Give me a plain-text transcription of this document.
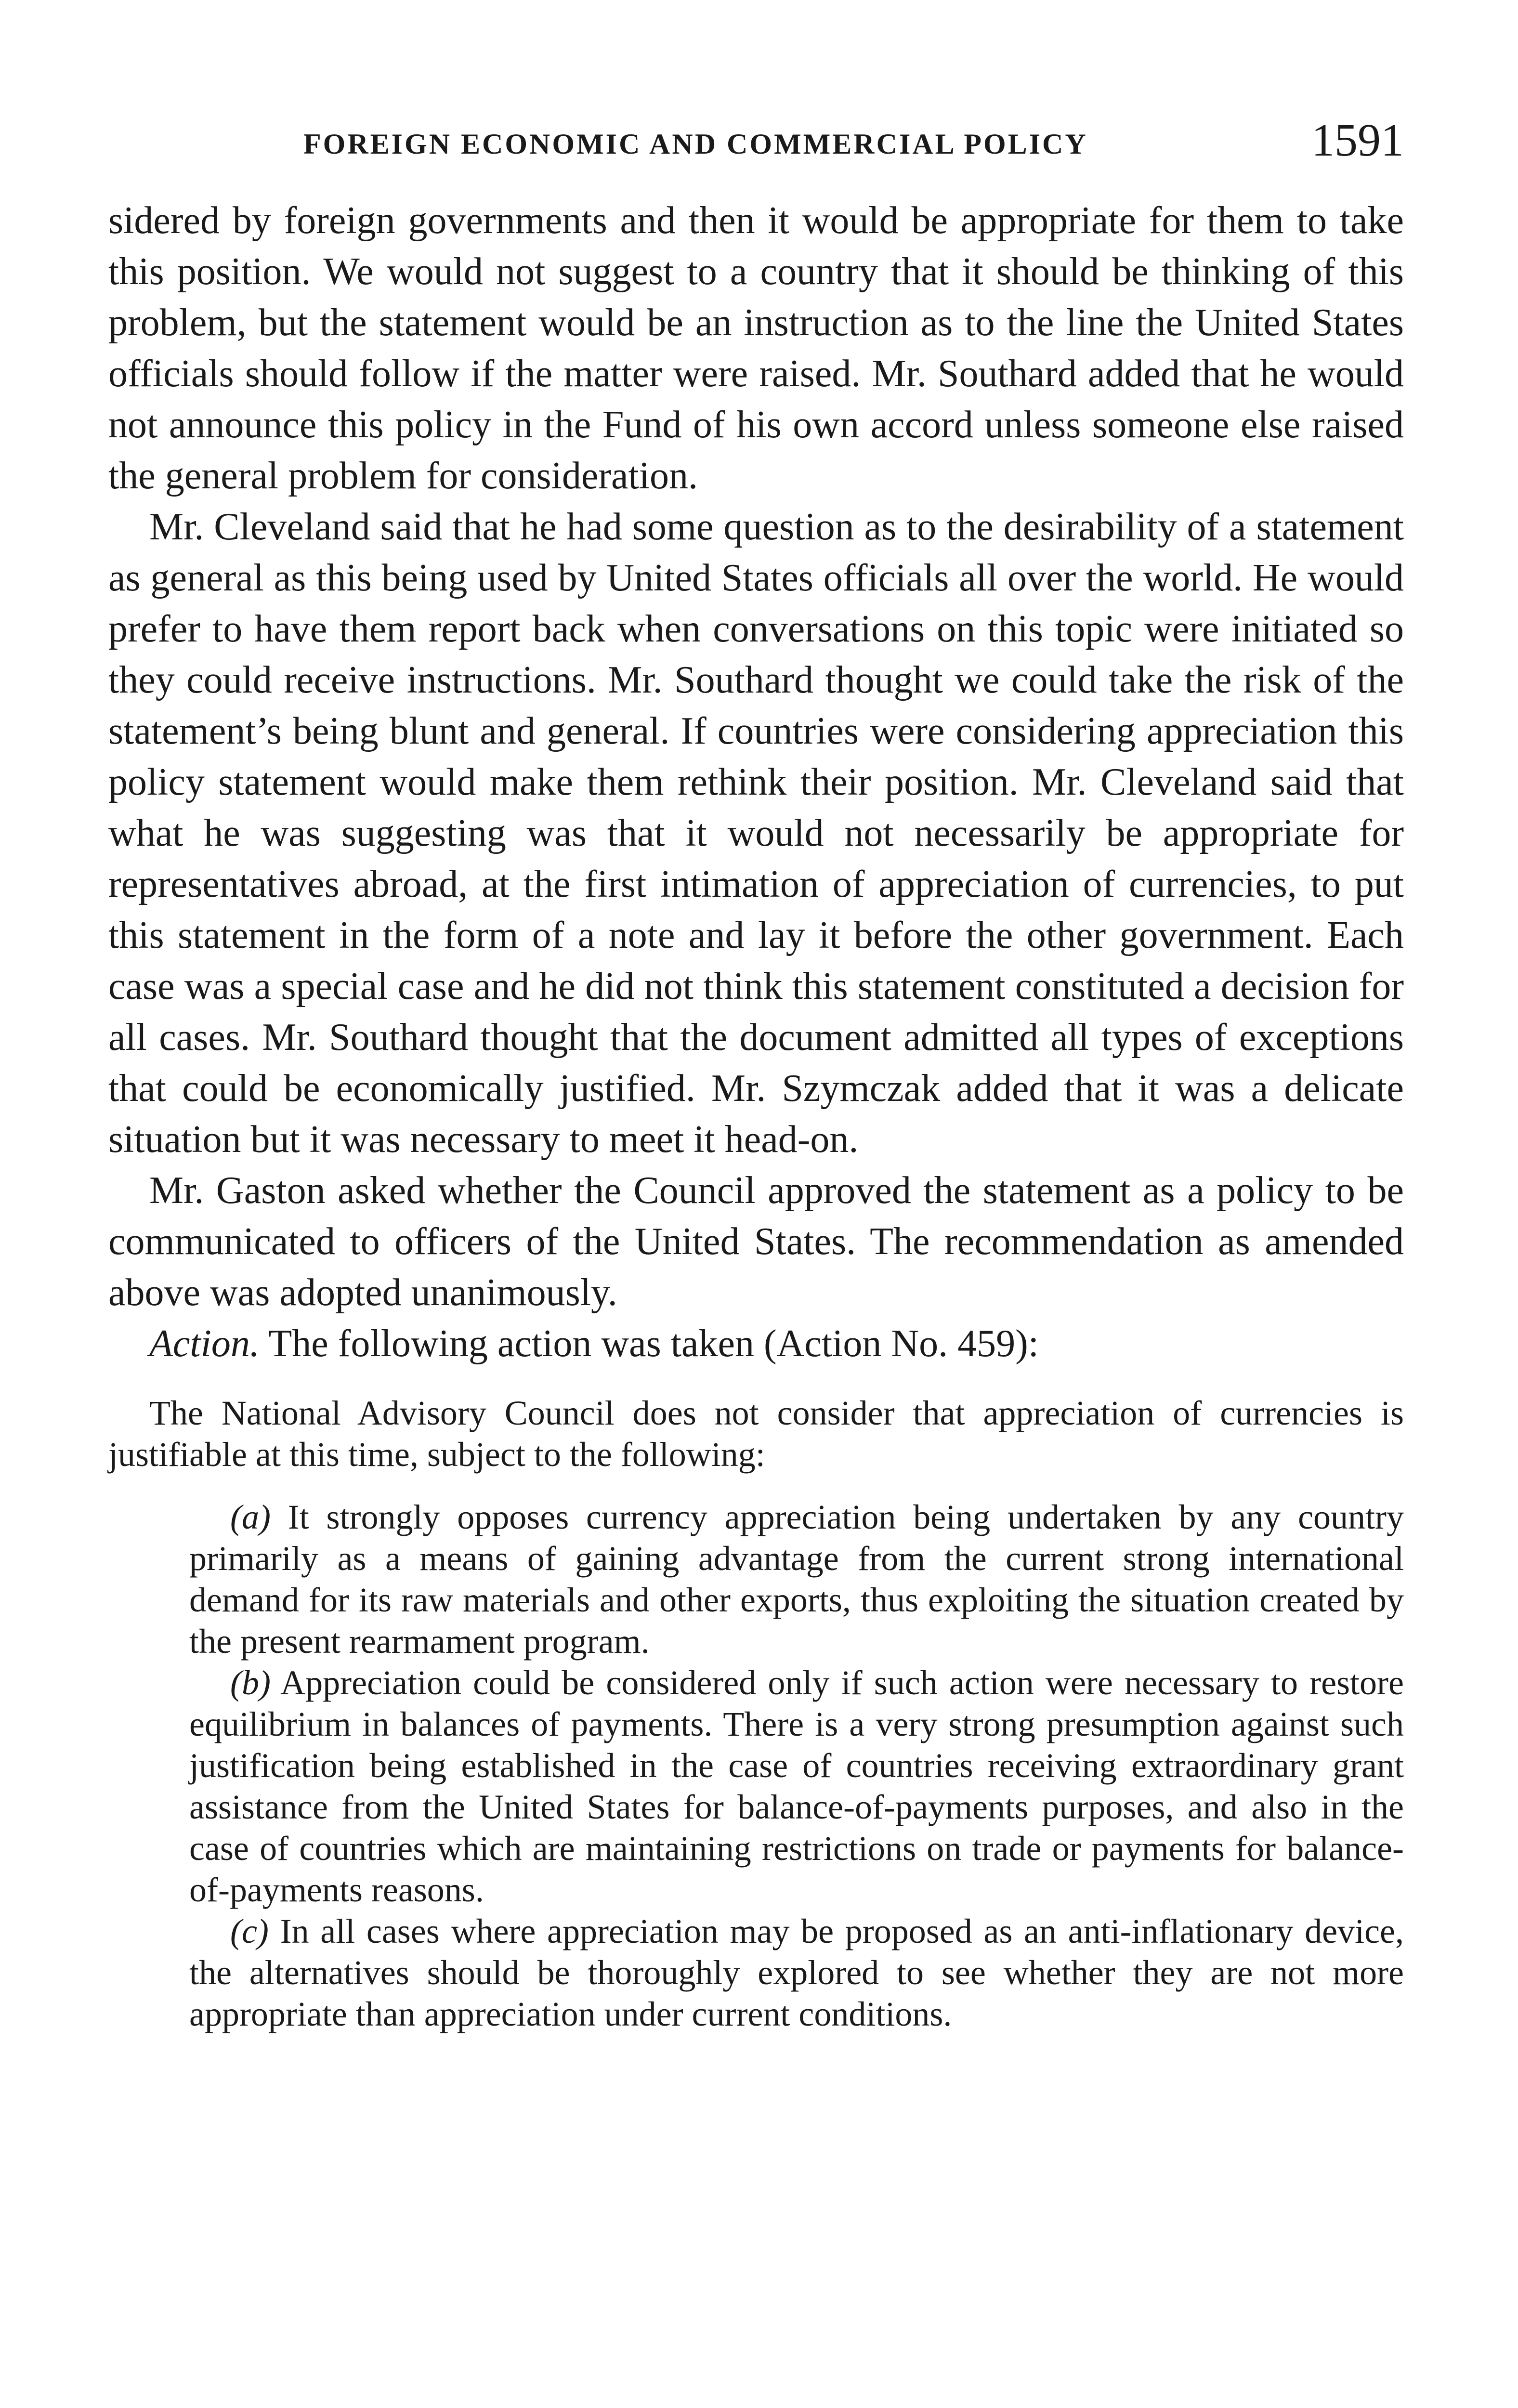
FOREIGN ECONOMIC AND COMMERCIAL POLICY	1591

sidered by foreign governments and then it would be appropriate for them to take this position. We would not suggest to a country that it should be thinking of this problem, but the statement would be an instruction as to the line the United States officials should follow if the matter were raised. Mr. Southard added that he would not announce this policy in the Fund of his own accord unless someone else raised the general problem for consideration.

Mr. Cleveland said that he had some question as to the desirability of a statement as general as this being used by United States officials all over the world. He would prefer to have them report back when conversations on this topic were initiated so they could receive instructions. Mr. Southard thought we could take the risk of the statement’s being blunt and general. If countries were considering appreciation this policy statement would make them rethink their position. Mr. Cleveland said that what he was suggesting was that it would not necessarily be appropriate for representatives abroad, at the first intimation of appreciation of currencies, to put this statement in the form of a note and lay it before the other government. Each case was a special case and he did not think this statement constituted a decision for all cases. Mr. Southard thought that the document admitted all types of exceptions that could be economically justified. Mr. Szymczak added that it was a delicate situation but it was necessary to meet it head-on.

Mr. Gaston asked whether the Council approved the statement as a policy to be communicated to officers of the United States. The recommendation as amended above was adopted unanimously.

Action. The following action was taken (Action No. 459):

The National Advisory Council does not consider that appreciation of currencies is justifiable at this time, subject to the following:

(a) It strongly opposes currency appreciation being undertaken by any country primarily as a means of gaining advantage from the current strong international demand for its raw materials and other exports, thus exploiting the situation created by the present rearmament program.

(b) Appreciation could be considered only if such action were necessary to restore equilibrium in balances of payments. There is a very strong presumption against such justification being established in the case of countries receiving extraordinary grant assistance from the United States for balance-of-payments purposes, and also in the case of countries which are maintaining restrictions on trade or payments for balance-of-payments reasons.

(c) In all cases where appreciation may be proposed as an anti-inflationary device, the alternatives should be thoroughly explored to see whether they are not more appropriate than appreciation under current conditions.
